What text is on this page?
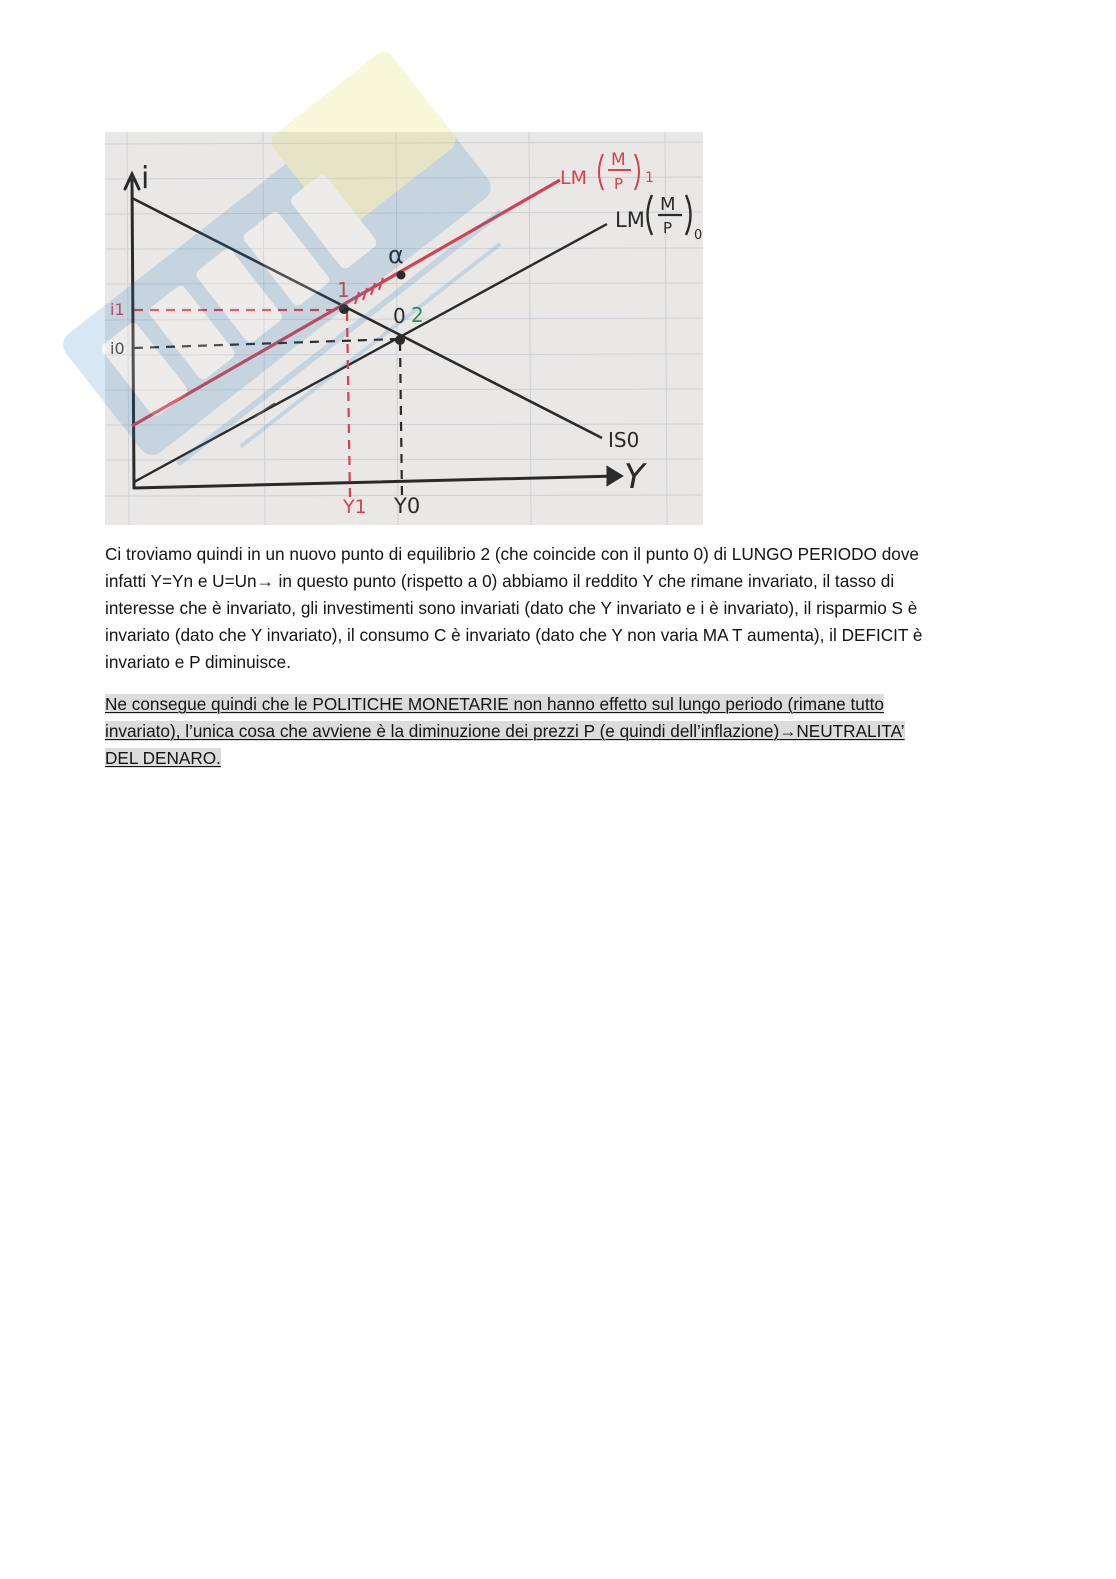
i
Y
LM
M
P 1
LM
M
P 0
IS0
α
1
0 2
i1
i0
Y1 Y0
Ci troviamo quindi in un nuovo punto di equilibrio 2 (che coincide con il punto 0) di LUNGO PERIODO dove
infatti Y=Yn e U=Un→ in questo punto (rispetto a 0) abbiamo il reddito Y che rimane invariato, il tasso di
interesse che è invariato, gli investimenti sono invariati (dato che Y invariato e i è invariato), il risparmio S è
invariato (dato che Y invariato), il consumo C è invariato (dato che Y non varia MA T aumenta), il DEFICIT è
invariato e P diminuisce.
Ne consegue quindi che le POLITICHE MONETARIE non hanno effetto sul lungo periodo (rimane tutto
invariato), l’unica cosa che avviene è la diminuzione dei prezzi P (e quindi dell’inflazione)→NEUTRALITA’
DEL DENARO.
